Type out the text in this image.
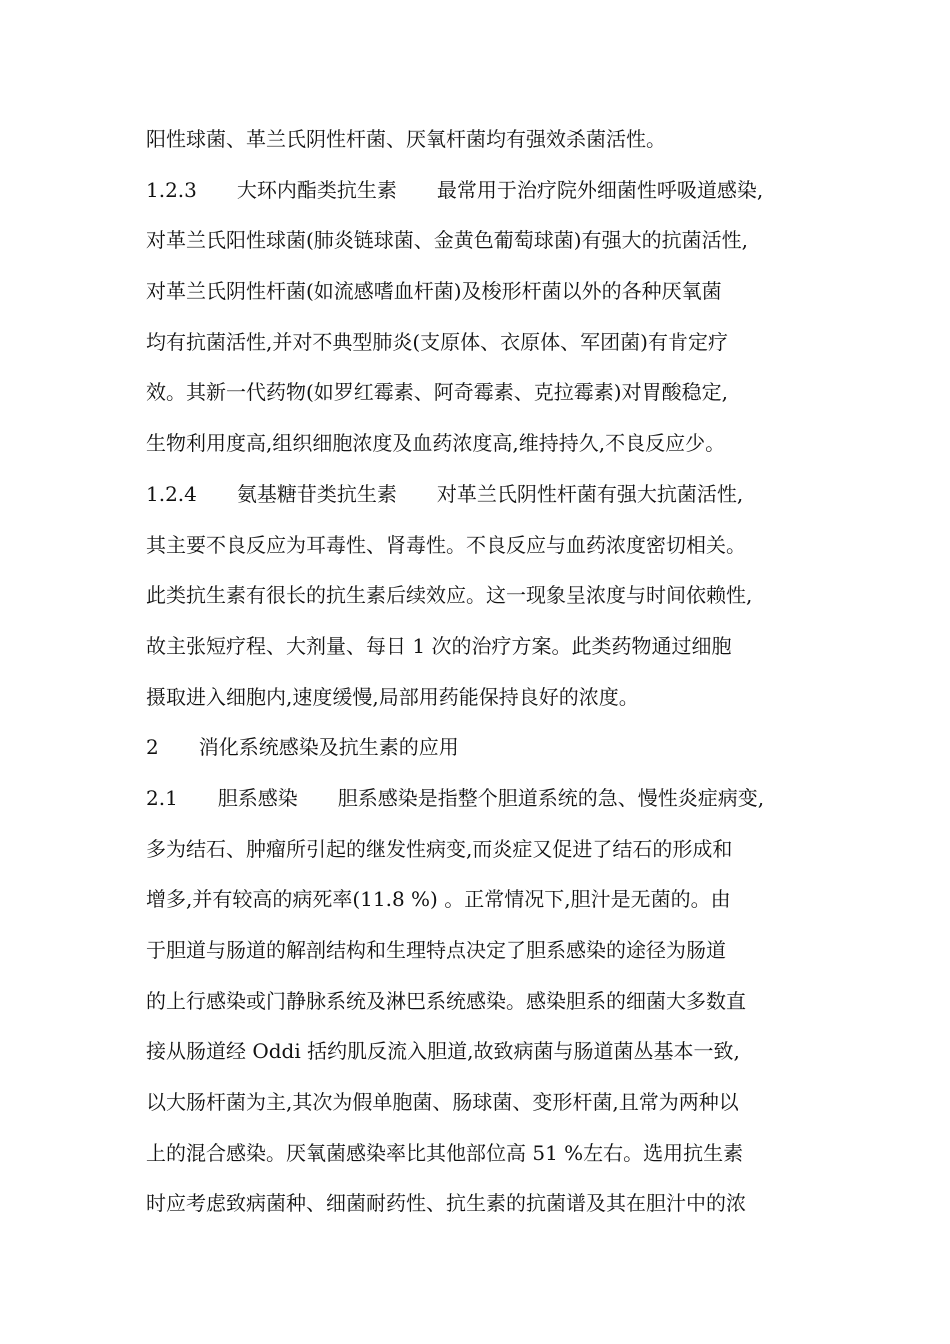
阳性球菌、革兰氏阴性杆菌、厌氧杆菌均有强效杀菌活性。
1.2.3　　大环内酯类抗生素　　最常用于治疗院外细菌性呼吸道感染,
对革兰氏阳性球菌(肺炎链球菌、金黄色葡萄球菌)有强大的抗菌活性,
对革兰氏阴性杆菌(如流感嗜血杆菌)及梭形杆菌以外的各种厌氧菌
均有抗菌活性,并对不典型肺炎(支原体、衣原体、军团菌)有肯定疗
效。其新一代药物(如罗红霉素、阿奇霉素、克拉霉素)对胃酸稳定,
生物利用度高,组织细胞浓度及血药浓度高,维持持久,不良反应少。
1.2.4　　氨基糖苷类抗生素　　对革兰氏阴性杆菌有强大抗菌活性,
其主要不良反应为耳毒性、肾毒性。不良反应与血药浓度密切相关。
此类抗生素有很长的抗生素后续效应。这一现象呈浓度与时间依赖性,
故主张短疗程、大剂量、每日 1 次的治疗方案。此类药物通过细胞
摄取进入细胞内,速度缓慢,局部用药能保持良好的浓度。
2　　消化系统感染及抗生素的应用
2.1　　胆系感染　　胆系感染是指整个胆道系统的急、慢性炎症病变,
多为结石、肿瘤所引起的继发性病变,而炎症又促进了结石的形成和
增多,并有较高的病死率(11.8 %) 。正常情况下,胆汁是无菌的。由
于胆道与肠道的解剖结构和生理特点决定了胆系感染的途径为肠道
的上行感染或门静脉系统及淋巴系统感染。感染胆系的细菌大多数直
接从肠道经 Oddi 括约肌反流入胆道,故致病菌与肠道菌丛基本一致,
以大肠杆菌为主,其次为假单胞菌、肠球菌、变形杆菌,且常为两种以
上的混合感染。厌氧菌感染率比其他部位高 51 %左右。选用抗生素
时应考虑致病菌种、细菌耐药性、抗生素的抗菌谱及其在胆汁中的浓
